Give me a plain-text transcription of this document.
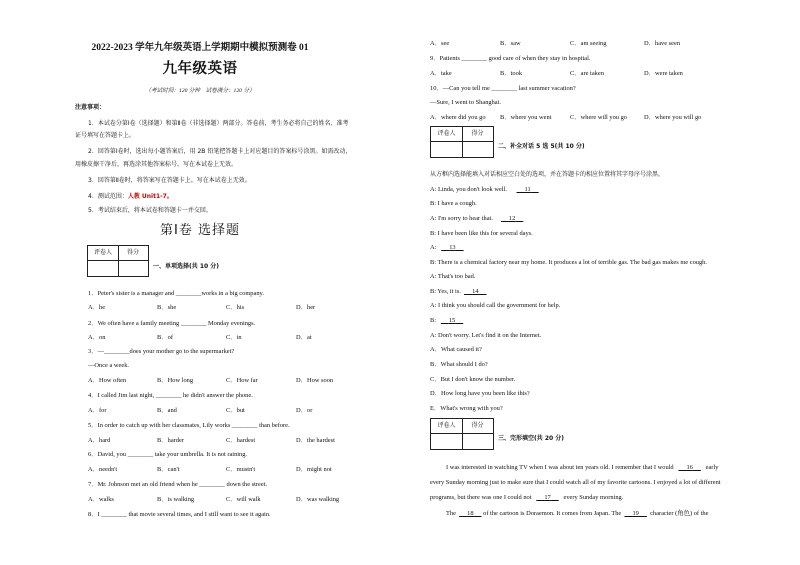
2022-2023 学年九年级英语上学期期中模拟预测卷 01
九年级英语
（考试时间：120 分钟　试卷满分：120 分）
注意事项：
1．本试卷分第Ⅰ卷（选择题）和第Ⅱ卷（非选择题）两部分。答卷前，考生务必将自己的姓名、准考
证号填写在答题卡上。
2．回答第Ⅰ卷时，选出每小题答案后，用 2B 铅笔把答题卡上对应题目的答案标号涂黑。如需改动，
用橡皮擦干净后，再选涂其他答案标号。写在本试卷上无效。
3．回答第Ⅱ卷时，将答案写在答题卡上。写在本试卷上无效。
4．测试范围：人教 Unit1-7。
5．考试结束后，将本试卷和答题卡一并交回。
第Ⅰ卷 选择题
评卷人	得分
一、单项选择(共 10 分)
1．Peter's sister is a manager and ________works in a big company.
A．he	B．she	C．his	D．her
2．We often have a family meeting ________ Monday evenings.
A．on	B．of	C．in	D．at
3．—________does your mother go to the supermarket?
—Once a week.
A．How often	B．How long	C．How far	D．How soon
4．I called Jim last night, ________ he didn't answer the phone.
A．for	B．and	C．but	D．or
5．In order to catch up with her classmates, Lily works ________ than before.
A．hard	B．harder	C．hardest	D．the hardest
6．David, you ________ take your umbrella. It is not raining.
A．needn't	B．can't	C．mustn't	D．might not
7．Mr. Johnson met an old friend when he ________ down the street.
A．walks	B．is walking	C．will walk	D．was walking
8．I ________ that movie several times, and I still want to see it again.
A．see	B．saw	C．am seeing	D．have seen
9．Patients ________ good care of when they stay in hospital.
A．take	B．took	C．are taken	D．were taken
10．—Can you tell me ________ last summer vacation?
—Sure, I went to Shanghai.
A．where did you go B．where you went	C．where will you go	D．where you will go
评卷人	得分
二、补全对话 5 选 5(共 10 分)
从方框内选择能填入对话相应空白处的选项，并在答题卡的相应位置将其字母序号涂黑。
A: Linda, you don't look well.	11
B: I have a cough.
A: I'm sorry to hear that.	12
B: I have been like this for several days.
A: 13
B: There is a chemical factory near my home. It produces a lot of terrible gas. The bad gas makes me cough.
A: That's too bad.
B: Yes, it is. 14
A: I think you should call the government for help.
B: 15
A: Don't worry. Let's find it on the Internet.
A．What caused it?
B．What should I do?
C．But I don't know the number.
D．How long have you been like this?
E．What's wrong with you?
评卷人	得分
三、完形填空(共 20 分)
I was interested in watching TV when I was about ten years old. I remember that I would 16 early
every Sunday morning just to make sure that I could watch all of my favorite cartoons. I enjoyed a lot of different
programs, but there was one I could not 17 every Sunday morning.
The 18 of the cartoon is Doraemon. It comes from Japan. The 19 character (角色) of the
